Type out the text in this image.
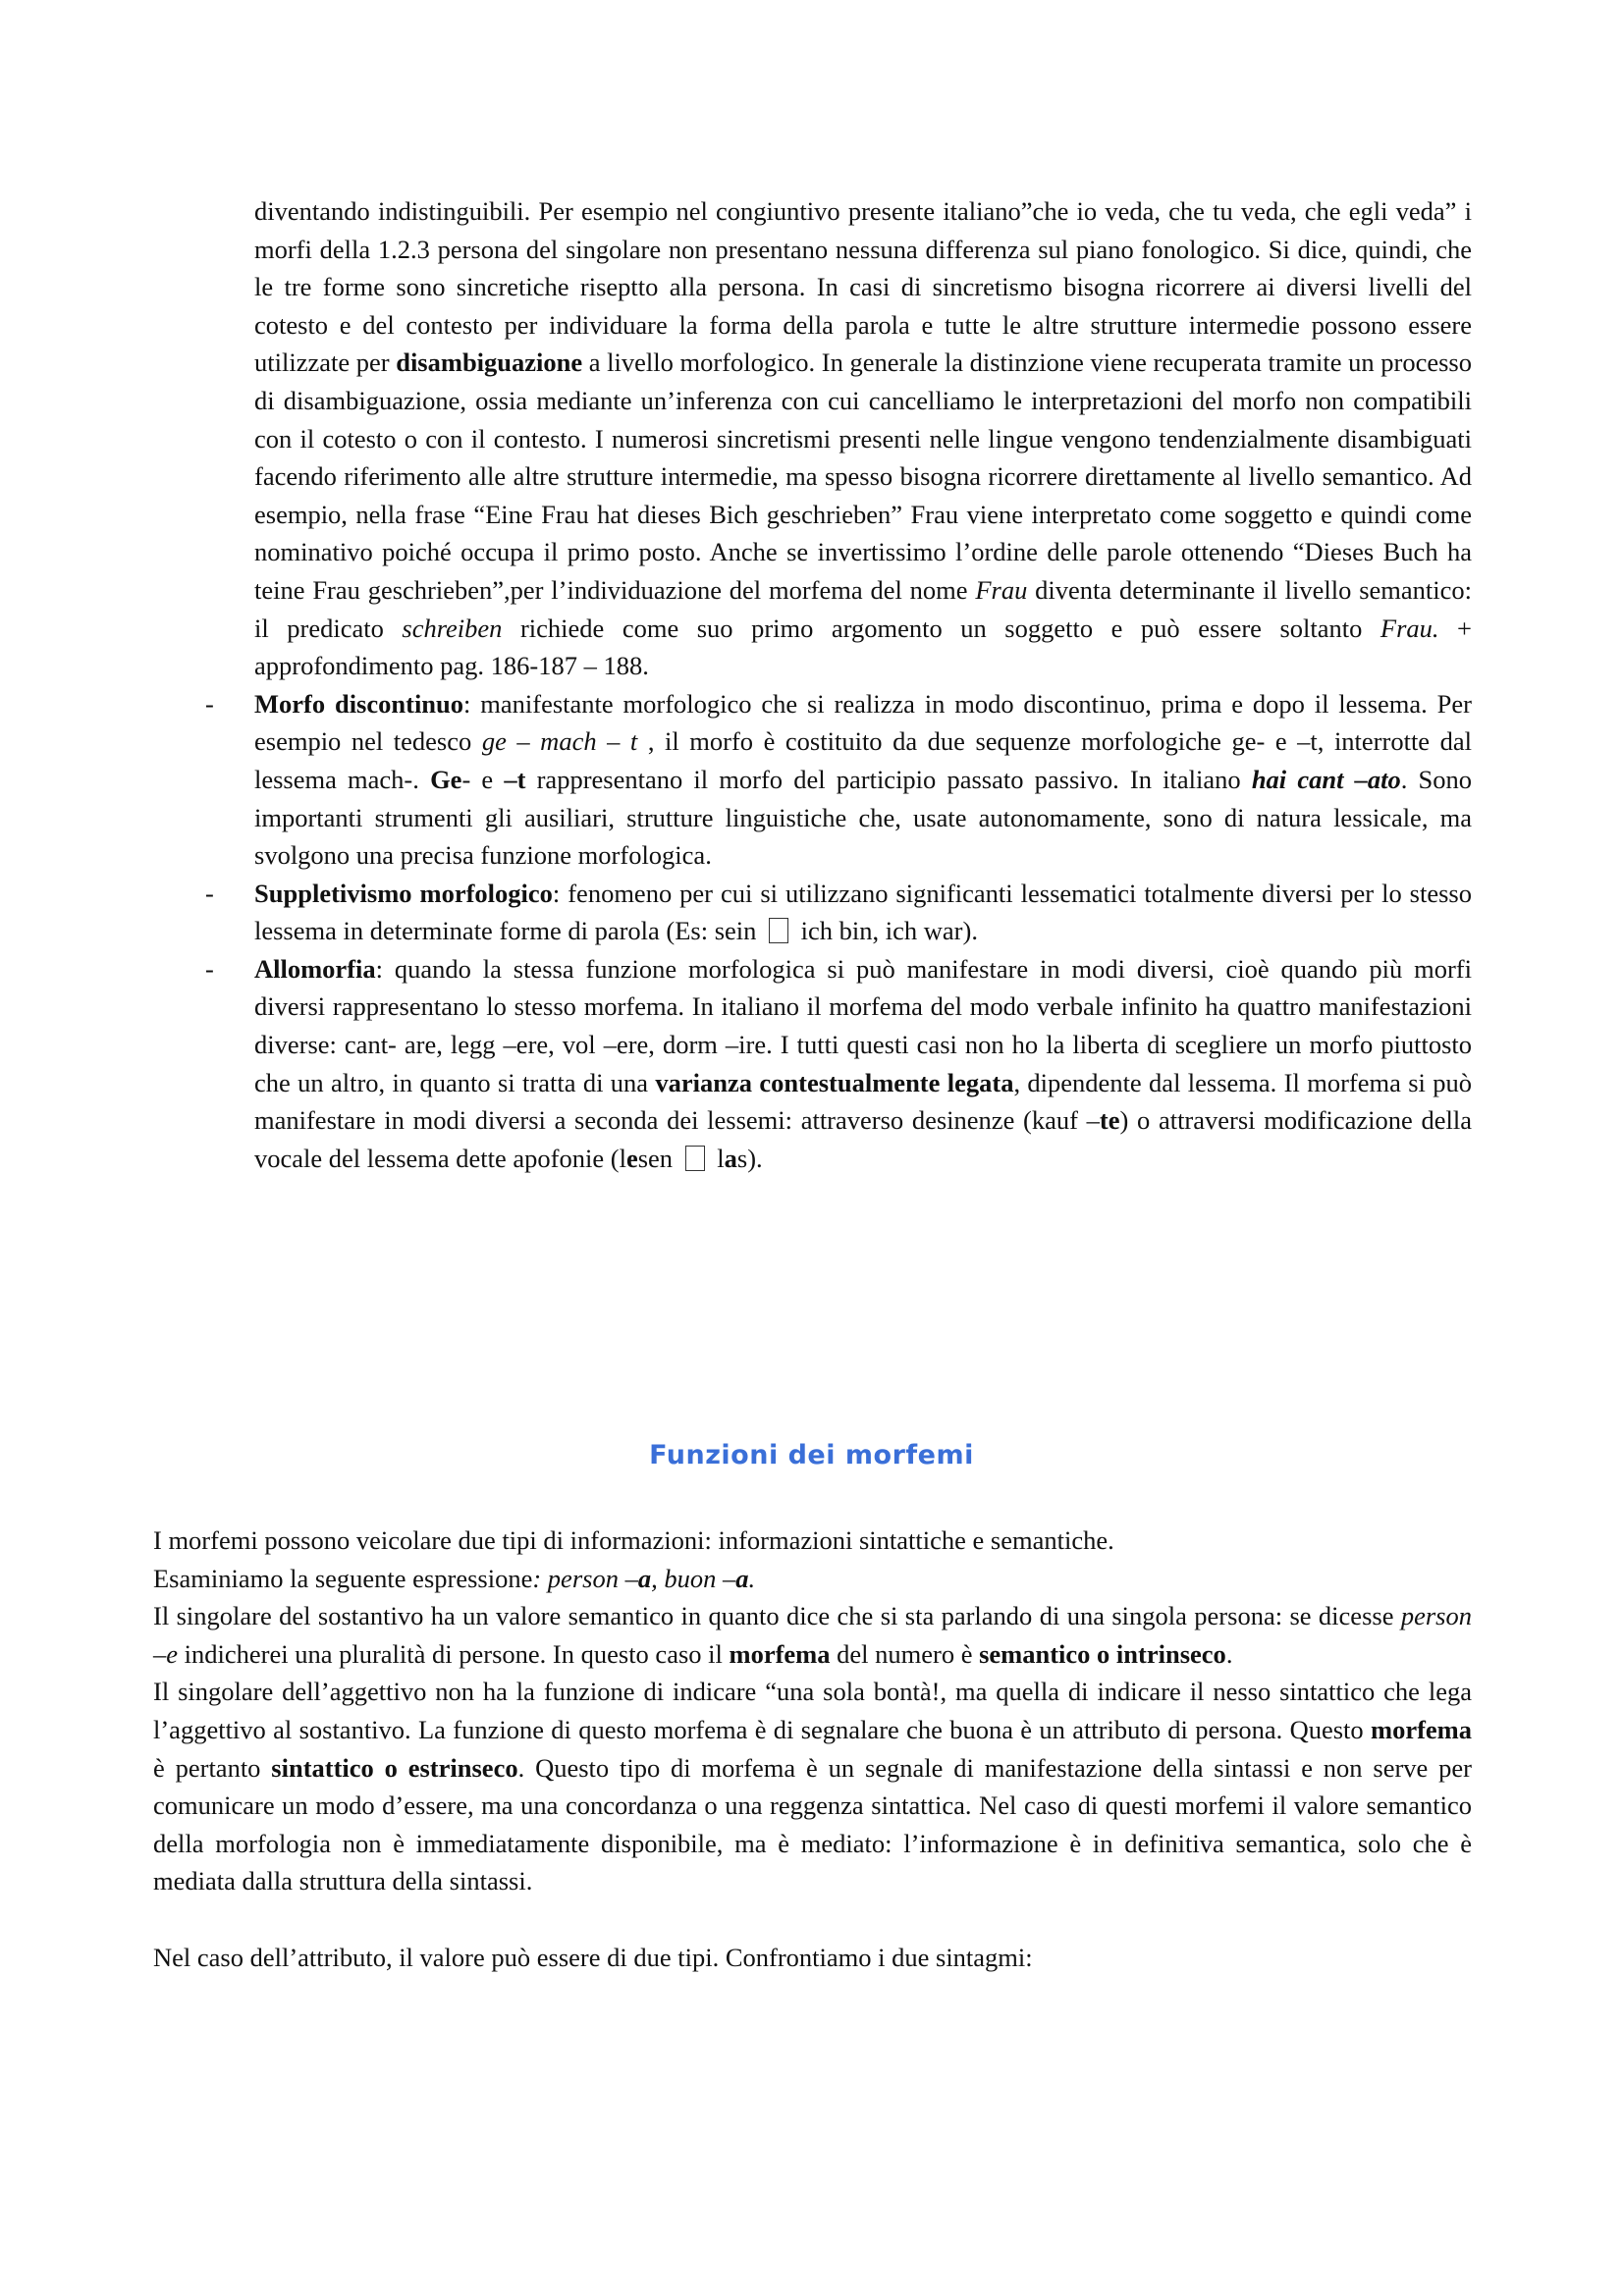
diventando indistinguibili. Per esempio nel congiuntivo presente italiano”che io veda, che tu veda, che egli veda” i morfi della 1.2.3 persona del singolare non presentano nessuna differenza sul piano fonologico. Si dice, quindi, che le tre forme sono sincretiche riseptto alla persona. In casi di sincretismo bisogna ricorrere ai diversi livelli del cotesto e del contesto per individuare la forma della parola e tutte le altre strutture intermedie possono essere utilizzate per disambiguazione a livello morfologico. In generale la distinzione viene recuperata tramite un processo di disambiguazione, ossia mediante un’inferenza con cui cancelliamo le interpretazioni del morfo non compatibili con il cotesto o con il contesto. I numerosi sincretismi presenti nelle lingue vengono tendenzialmente disambiguati facendo riferimento alle altre strutture intermedie, ma spesso bisogna ricorrere direttamente al livello semantico. Ad esempio, nella frase “Eine Frau hat dieses Bich geschrieben” Frau viene interpretato come soggetto e quindi come nominativo poiché occupa il primo posto. Anche se invertissimo l’ordine delle parole ottenendo “Dieses Buch ha teine Frau geschrieben”,per l’individuazione del morfema del nome Frau diventa determinante il livello semantico: il predicato schreiben richiede come suo primo argomento un soggetto e può essere soltanto Frau. + approfondimento pag. 186-187 – 188.

- Morfo discontinuo: manifestante morfologico che si realizza in modo discontinuo, prima e dopo il lessema. Per esempio nel tedesco ge – mach – t , il morfo è costituito da due sequenze morfologiche ge- e –t, interrotte dal lessema mach-. Ge- e –t rappresentano il morfo del participio passato passivo. In italiano hai cant –ato. Sono importanti strumenti gli ausiliari, strutture linguistiche che, usate autonomamente, sono di natura lessicale, ma svolgono una precisa funzione morfologica.

- Suppletivismo morfologico: fenomeno per cui si utilizzano significanti lessematici totalmente diversi per lo stesso lessema in determinate forme di parola (Es: sein  ich bin, ich war).

- Allomorfia: quando la stessa funzione morfologica si può manifestare in modi diversi, cioè quando più morfi diversi rappresentano lo stesso morfema. In italiano il morfema del modo verbale infinito ha quattro manifestazioni diverse: cant- are, legg –ere, vol –ere, dorm –ire. I tutti questi casi non ho la liberta di scegliere un morfo piuttosto che un altro, in quanto si tratta di una varianza contestualmente legata, dipendente dal lessema. Il morfema si può manifestare in modi diversi a seconda dei lessemi: attraverso desinenze (kauf –te) o attraversi modificazione della vocale del lessema dette apofonie (lesen  las).

Funzioni dei morfemi

I morfemi possono veicolare due tipi di informazioni: informazioni sintattiche e semantiche.

Esaminiamo la seguente espressione: person –a, buon –a.

Il singolare del sostantivo ha un valore semantico in quanto dice che si sta parlando di una singola persona: se dicesse person –e indicherei una pluralità di persone. In questo caso il morfema del numero è semantico o intrinseco.

Il singolare dell’aggettivo non ha la funzione di indicare “una sola bontà!, ma quella di indicare il nesso sintattico che lega l’aggettivo al sostantivo. La funzione di questo morfema è di segnalare che buona è un attributo di persona. Questo morfema è pertanto sintattico o estrinseco. Questo tipo di morfema è un segnale di manifestazione della sintassi e non serve per comunicare un modo d’essere, ma una concordanza o una reggenza sintattica. Nel caso di questi morfemi il valore semantico della morfologia non è immediatamente disponibile, ma è mediato: l’informazione è in definitiva semantica, solo che è mediata dalla struttura della sintassi.

Nel caso dell’attributo, il valore può essere di due tipi. Confrontiamo i due sintagmi:
